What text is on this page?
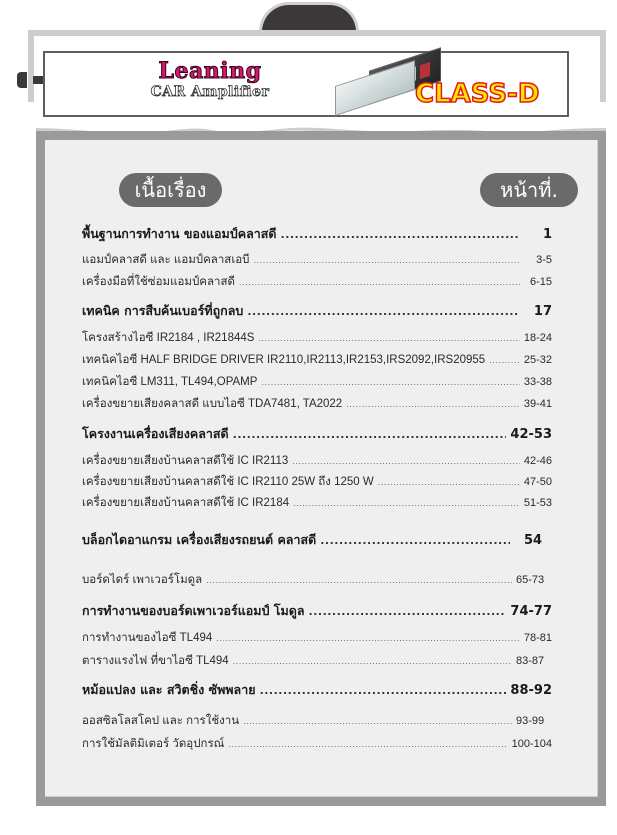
Leaning
CAR Amplifier	CLASS-D
เนื้อเรื่อง	หน้าที่.
พื้นฐานการทำงาน ของแอมป์คลาสดี .....	1
แอมป์คลาสดี และ แอมป์คลาสเอบี .....	3-5
เครื่องมือที่ใช้ซ่อมแอมป์คลาสดี .....	6-15
เทคนิค การสืบค้นเบอร์ที่ถูกลบ .....	17
โครงสร้างไอซี IR2184 , IR21844S .....	18-24
เทคนิคไอซี HALF BRIDGE DRIVER IR2110,IR2113,IR2153,IRS2092,IRS20955 .....	25-32
เทคนิคไอซี LM311, TL494,OPAMP .....	33-38
เครื่องขยายเสียงคลาสดี แบบไอซี TDA7481, TA2022 .....	39-41
โครงงานเครื่องเสียงคลาสดี .....	42-53
เครื่องขยายเสียงบ้านคลาสดีใช้ IC IR2113 .....	42-46
เครื่องขยายเสียงบ้านคลาสดีใช้ IC IR2110 25W ถึง 1250 W .....	47-50
เครื่องขยายเสียงบ้านคลาสดีใช้ IC IR2184 .....	51-53
บล็อกไดอาแกรม เครื่องเสียงรถยนต์ คลาสดี .....	54
บอร์ดไดร์ เพาเวอร์โมดูล .....	65-73
การทำงานของบอร์ดเพาเวอร์แอมป์ โมดูล .....	74-77
การทำงานของไอซี TL494 .....	78-81
ตารางแรงไฟ ที่ขาไอซี TL494 .....	83-87
หม้อแปลง และ สวิตชิ่ง ซัพพลาย .....	88-92
ออสซิลโลสโคป และ การใช้งาน .....	93-99
การใช้มัลติมิเตอร์ วัดอุปกรณ์ .....	100-104
